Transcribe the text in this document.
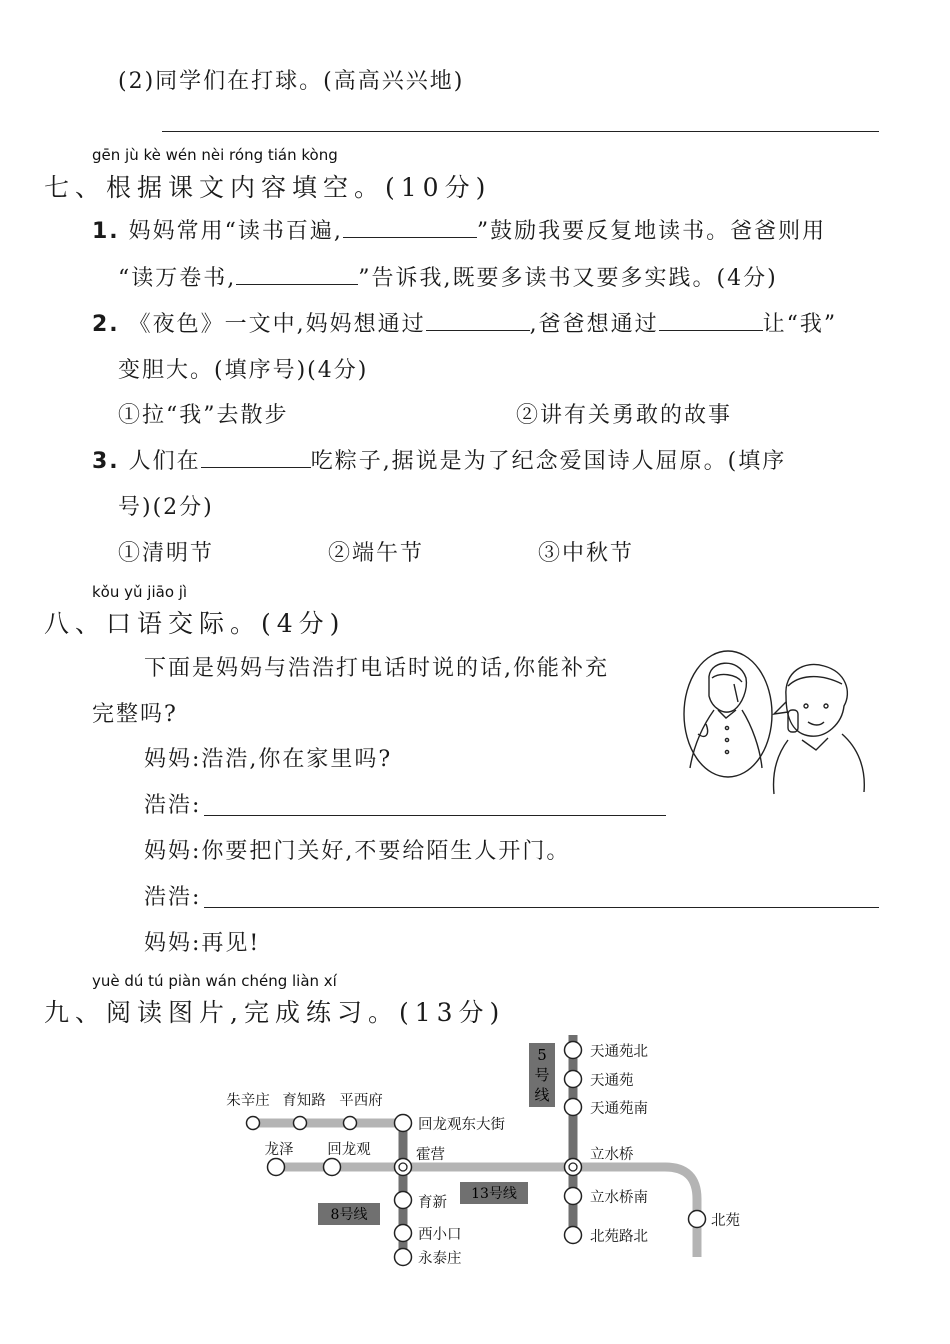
(2)同学们在打球。(高高兴兴地)
gēn jù kè wén nèi róng tián kòng
七、根据课文内容填空。(10分)
1. 妈妈常用“读书百遍,	”鼓励我要反复地读书。爸爸则用
“读万卷书,	”告诉我,既要多读书又要多实践。(4分)
2. 《夜色》一文中,妈妈想通过	,爸爸想通过	让“我”
变胆大。(填序号)(4分)
①拉“我”去散步	②讲有关勇敢的故事
3. 人们在	吃粽子,据说是为了纪念爱国诗人屈原。(填序
号)(2分)
①清明节	②端午节	③中秋节
kǒu yǔ jiāo jì
八、口语交际。(4分)
下面是妈妈与浩浩打电话时说的话,你能补充
完整吗?
妈妈:浩浩,你在家里吗?
浩浩:
妈妈:你要把门关好,不要给陌生人开门。
浩浩:
妈妈:再见!
yuè dú tú piàn wán chéng liàn xí
九、阅读图片,完成练习。(13分)
5
号
线
13号线
8号线
朱辛庄 育知路 平西府
回龙观东大街
龙泽 回龙观	霍营
育新
西小口
永泰庄
天通苑北
天通苑
天通苑南
立水桥
立水桥南
北苑路北
北苑
